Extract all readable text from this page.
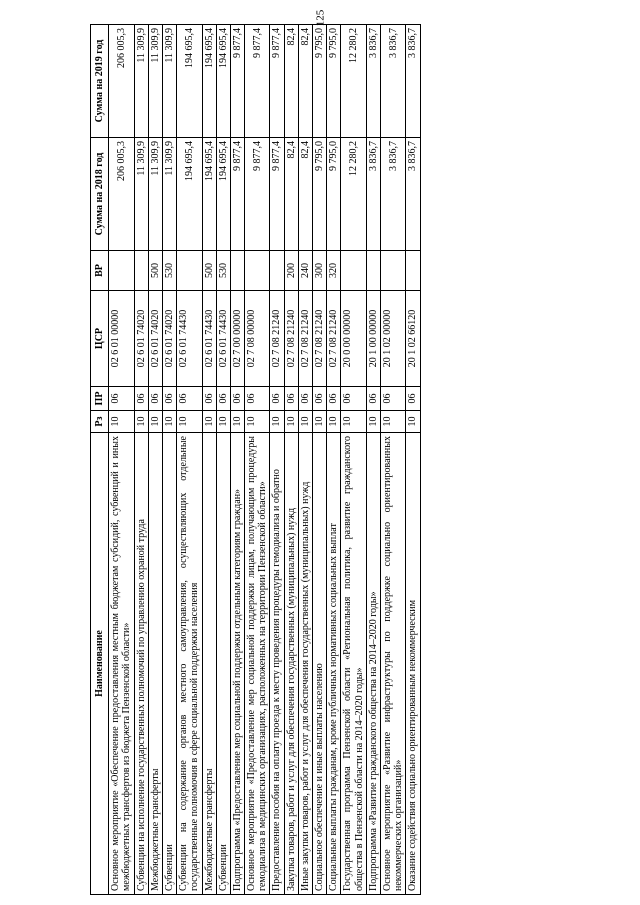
125
Наименование	Рз	ПР	ЦСР	ВР	Сумма на 2018 год	Сумма на 2019 год
Основное мероприятие «Обеспечение предоставления местным бюджетам субсидий, субвенций и иных межбюджетных трансфертов из бюджета Пензенской области»	10	06	02 6 01 00000		206 005,3	206 005,3
Субвенции на исполнение государственных полномочий по управлению охраной труда	10	06	02 6 01 74020		11 309,9	11 309,9
Межбюджетные трансферты	10	06	02 6 01 74020	500	11 309,9	11 309,9
Субвенции	10	06	02 6 01 74020	530	11 309,9	11 309,9
Субвенции на содержание органов местного самоуправления, осуществляющих отдельные государственные полномочия в сфере социальной поддержки населения	10	06	02 6 01 74430		194 695,4	194 695,4
Межбюджетные трансферты	10	06	02 6 01 74430	500	194 695,4	194 695,4
Субвенции	10	06	02 6 01 74430	530	194 695,4	194 695,4
Подпрограмма «Предоставление мер социальной поддержки отдельным категориям граждан»	10	06	02 7 00 00000		9 877,4	9 877,4
Основное мероприятие «Предоставление мер социальной поддержки лицам, получающим процедуры гемодиализа в медицинских организациях, расположенных на территории Пензенской области»	10	06	02 7 08 00000		9 877,4	9 877,4
Предоставление пособия на оплату проезда к месту проведения процедуры гемодиализа и обратно	10	06	02 7 08 21240		9 877,4	9 877,4
Закупка товаров, работ и услуг для обеспечения государственных (муниципальных) нужд	10	06	02 7 08 21240	200	82,4	82,4
Иные закупки товаров, работ и услуг для обеспечения государственных (муниципальных) нужд	10	06	02 7 08 21240	240	82,4	82,4
Социальное обеспечение и иные выплаты населению	10	06	02 7 08 21240	300	9 795,0	9 795,0
Социальные выплаты гражданам, кроме публичных нормативных социальных выплат	10	06	02 7 08 21240	320	9 795,0	9 795,0
Государственная программа Пензенской области «Региональная политика, развитие гражданского общества в Пензенской области на 2014–2020 годы»	10	06	20 0 00 00000		12 280,2	12 280,2
Подпрограмма «Развитие гражданского общества на 2014–2020 годы»	10	06	20 1 00 00000		3 836,7	3 836,7
Основное мероприятие «Развитие инфраструктуры по поддержке социально ориентированных некоммерческих организаций»	10	06	20 1 02 00000		3 836,7	3 836,7
Оказание содействия социально ориентированным некоммерческим	10	06	20 1 02 66120		3 836,7	3 836,7
